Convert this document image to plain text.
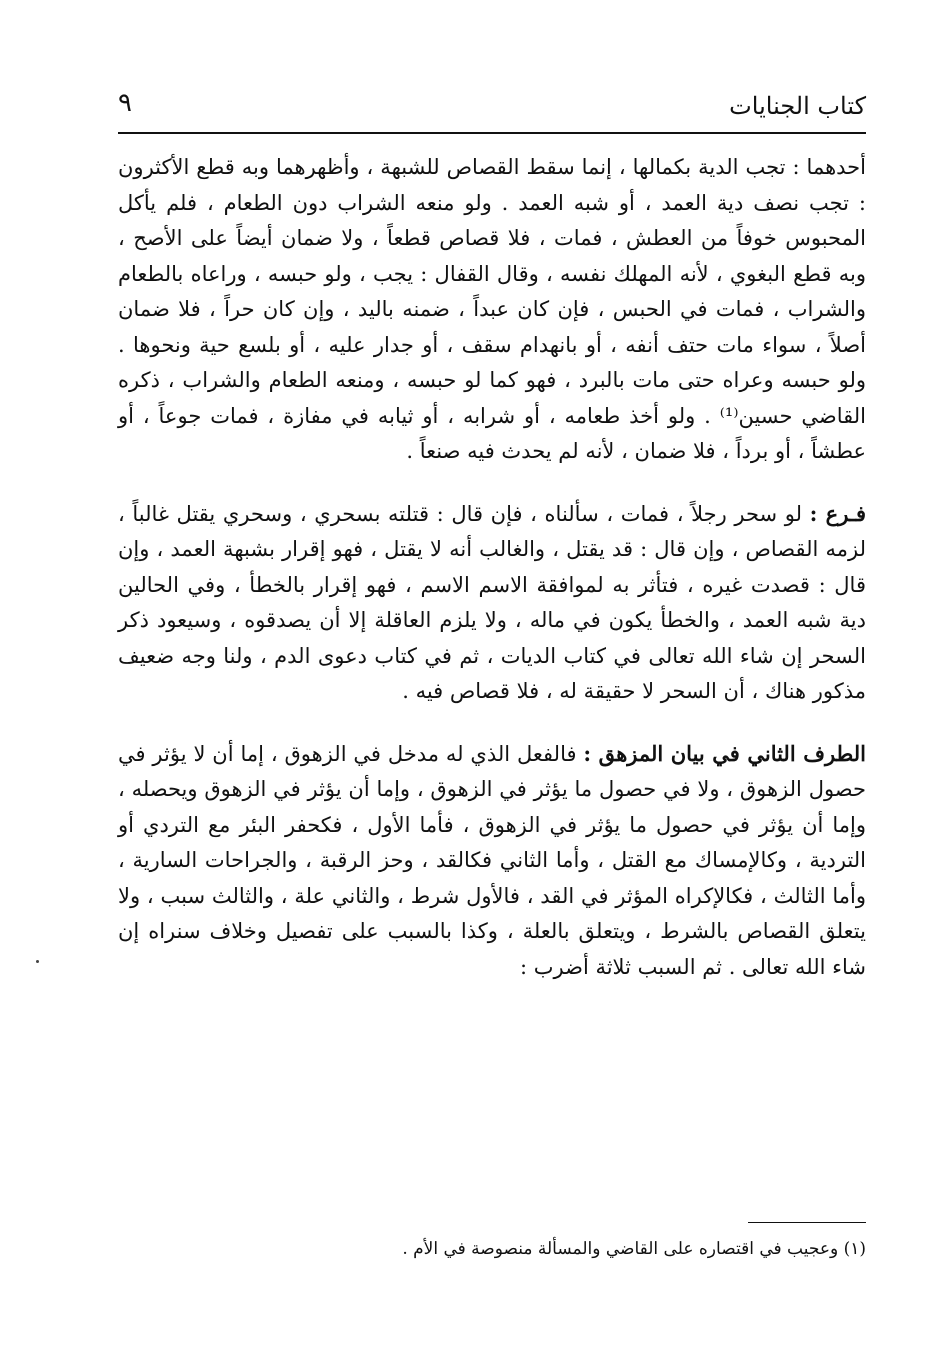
كتاب الجنايات
٩

أحدهما : تجب الدية بكمالها ، إنما سقط القصاص للشبهة ، وأظهرهما وبه قطع الأكثرون : تجب نصف دية العمد ، أو شبه العمد . ولو منعه الشراب دون الطعام ، فلم يأكل المحبوس خوفاً من العطش ، فمات ، فلا قصاص قطعاً ، ولا ضمان أيضاً على الأصح ، وبه قطع البغوي ، لأنه المهلك نفسه ، وقال القفال : يجب ، ولو حبسه ، وراعاه بالطعام والشراب ، فمات في الحبس ، فإن كان عبداً ، ضمنه باليد ، وإن كان حراً ، فلا ضمان أصلاً ، سواء مات حتف أنفه ، أو بانهدام سقف ، أو جدار عليه ، أو بلسع حية ونحوها . ولو حبسه وعراه حتى مات بالبرد ، فهو كما لو حبسه ، ومنعه الطعام والشراب ، ذكره القاضي حسين⁽¹⁾ . ولو أخذ طعامه ، أو شرابه ، أو ثيابه في مفازة ، فمات جوعاً ، أو عطشاً ، أو برداً ، فلا ضمان ، لأنه لم يحدث فيه صنعاً .

فـرع : لو سحر رجلاً ، فمات ، سألناه ، فإن قال : قتلته بسحري ، وسحري يقتل غالباً ، لزمه القصاص ، وإن قال : قد يقتل ، والغالب أنه لا يقتل ، فهو إقرار بشبهة العمد ، وإن قال : قصدت غيره ، فتأثر به لموافقة الاسم الاسم ، فهو إقرار بالخطأ ، وفي الحالين دية شبه العمد ، والخطأ يكون في ماله ، ولا يلزم العاقلة إلا أن يصدقوه ، وسيعود ذكر السحر إن شاء الله تعالى في كتاب الديات ، ثم في كتاب دعوى الدم ، ولنا وجه ضعيف مذكور هناك ، أن السحر لا حقيقة له ، فلا قصاص فيه .

الطرف الثاني في بيان المزهق : فالفعل الذي له مدخل في الزهوق ، إما أن لا يؤثر في حصول الزهوق ، ولا في حصول ما يؤثر في الزهوق ، وإما أن يؤثر في الزهوق ويحصله ، وإما أن يؤثر في حصول ما يؤثر في الزهوق ، فأما الأول ، فكحفر البئر مع التردي أو التردية ، وكالإمساك مع القتل ، وأما الثاني فكالقد ، وحز الرقبة ، والجراحات السارية ، وأما الثالث ، فكالإكراه المؤثر في القد ، فالأول شرط ، والثاني علة ، والثالث سبب ، ولا يتعلق القصاص بالشرط ، ويتعلق بالعلة ، وكذا بالسبب على تفصيل وخلاف سنراه إن شاء الله تعالى . ثم السبب ثلاثة أضرب :

(١) وعجيب في اقتصاره على القاضي والمسألة منصوصة في الأم .
